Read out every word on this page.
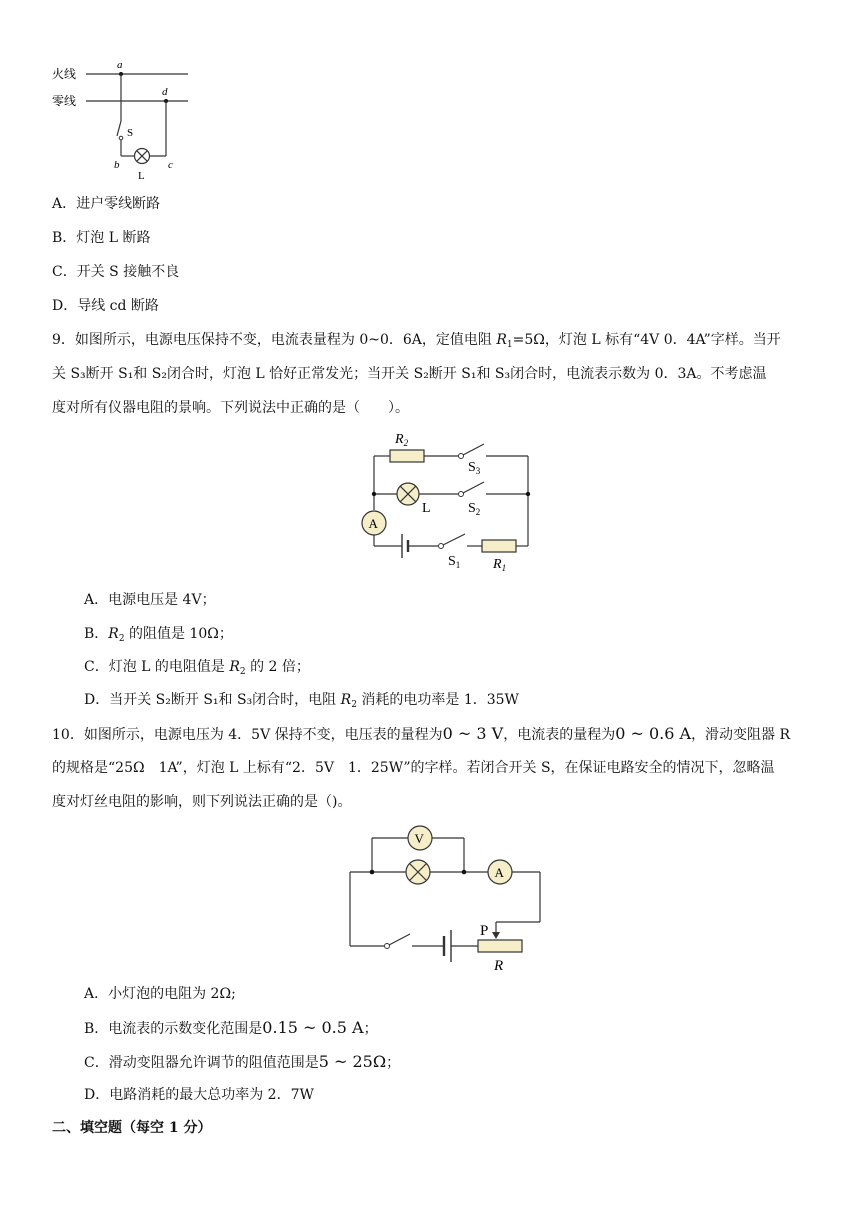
火线
零线
a
d
S
b	c
L
A．进户零线断路
B．灯泡 L 断路
C．开关 S 接触不良
D．导线 cd 断路
9．如图所示，电源电压保持不变，电流表量程为 0~0．6A，定值电阻 $R_1=5\Omega$，灯泡 L 标有“4V 0．4A”字样。当开
关 S₃断开 S₁和 S₂闭合时，灯泡 L 恰好正常发光；当开关 S₂断开 S₁和 S₃闭合时，电流表示数为 0．3A。不考虑温
度对所有仪器电阻的景响。下列说法中正确的是（　　）。
$R_2$
$S_3$
L	$S_2$
A
$S_1$ $R_1$
A．电源电压是 4V；
B．$R_2$ 的阻值是 10Ω；
C．灯泡 L 的电阻值是 $R_2$ 的 2 倍；
D．当开关 S₂断开 S₁和 S₃闭合时，电阻 $R_2$ 消耗的电功率是 1．35W
10．如图所示，电源电压为 4．5V 保持不变，电压表的量程为0 ~ 3 V，电流表的量程为0 ~ 0.6 A，滑动变阻器 R
的规格是“25Ω　1A”，灯泡 L 上标有“2．5V　1．25W”的字样。若闭合开关 S，在保证电路安全的情况下，忽略温
度对灯丝电阻的影响，则下列说法正确的是（)。
V
A
P
R
A．小灯泡的电阻为 2Ω;
B．电流表的示数变化范围是0.15 ~ 0.5 A；
C．滑动变阻器允许调节的阻值范围是5 ~ 25Ω；
D．电路消耗的最大总功率为 2．7W
二、填空题（每空 1 分）
